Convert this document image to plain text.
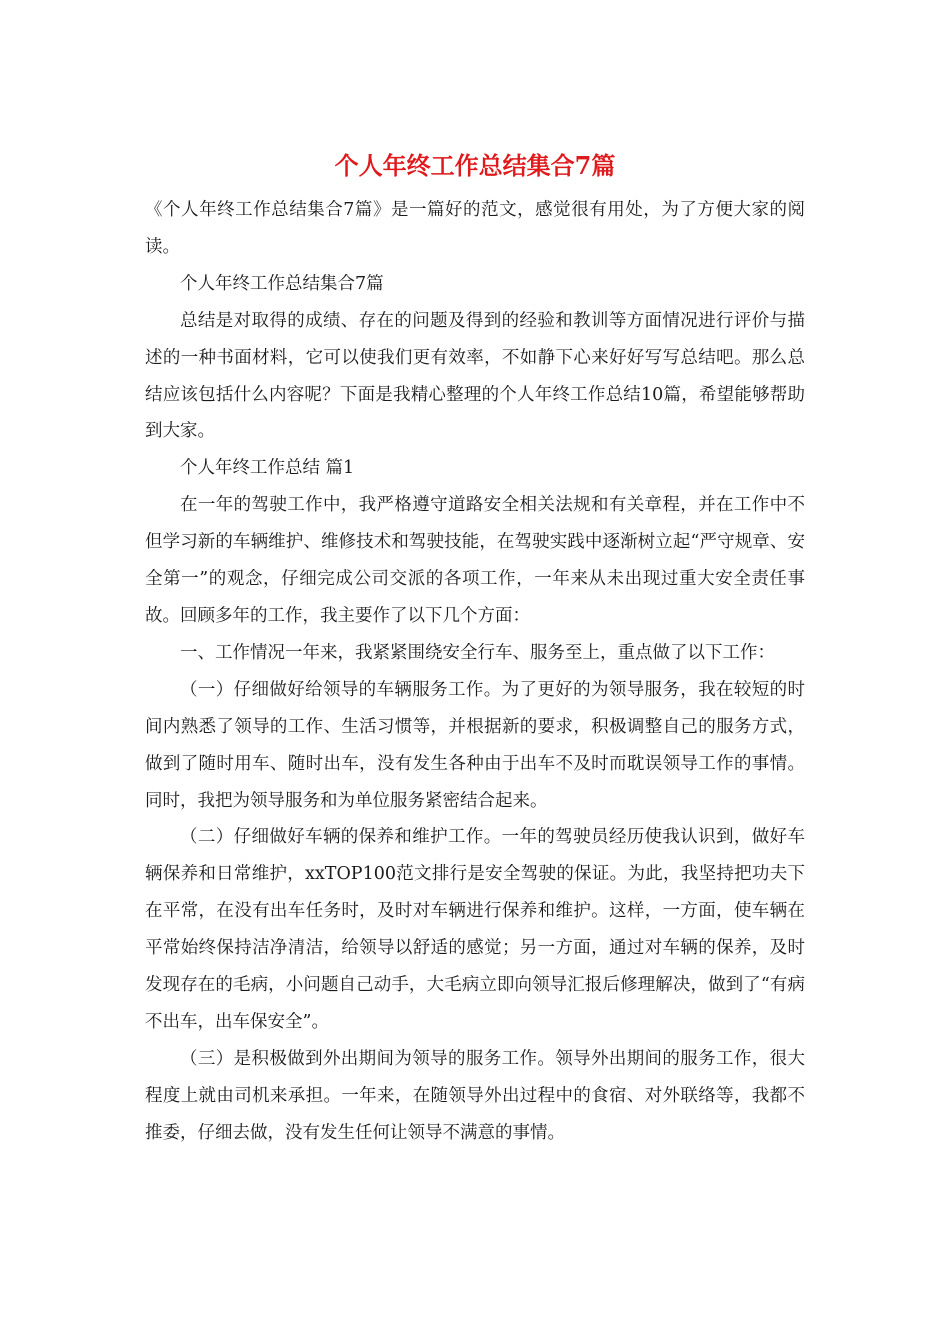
个人年终工作总结集合7篇

《个人年终工作总结集合7篇》是一篇好的范文，感觉很有用处，为了方便大家的阅读。

个人年终工作总结集合7篇

总结是对取得的成绩、存在的问题及得到的经验和教训等方面情况进行评价与描述的一种书面材料，它可以使我们更有效率，不如静下心来好好写写总结吧。那么总结应该包括什么内容呢？下面是我精心整理的个人年终工作总结10篇，希望能够帮助到大家。

个人年终工作总结 篇1

在一年的驾驶工作中，我严格遵守道路安全相关法规和有关章程，并在工作中不但学习新的车辆维护、维修技术和驾驶技能，在驾驶实践中逐渐树立起“严守规章、安全第一”的观念，仔细完成公司交派的各项工作，一年来从未出现过重大安全责任事故。回顾多年的工作，我主要作了以下几个方面：

一、工作情况一年来，我紧紧围绕安全行车、服务至上，重点做了以下工作：

（一）仔细做好给领导的车辆服务工作。为了更好的为领导服务，我在较短的时间内熟悉了领导的工作、生活习惯等，并根据新的要求，积极调整自己的服务方式，做到了随时用车、随时出车，没有发生各种由于出车不及时而耽误领导工作的事情。同时，我把为领导服务和为单位服务紧密结合起来。

（二）仔细做好车辆的保养和维护工作。一年的驾驶员经历使我认识到，做好车辆保养和日常维护，xxTOP100范文排行是安全驾驶的保证。为此，我坚持把功夫下在平常，在没有出车任务时，及时对车辆进行保养和维护。这样，一方面，使车辆在平常始终保持洁净清洁，给领导以舒适的感觉；另一方面，通过对车辆的保养，及时发现存在的毛病，小问题自己动手，大毛病立即向领导汇报后修理解决，做到了“有病不出车，出车保安全”。

（三）是积极做到外出期间为领导的服务工作。领导外出期间的服务工作，很大程度上就由司机来承担。一年来，在随领导外出过程中的食宿、对外联络等，我都不推委，仔细去做，没有发生任何让领导不满意的事情。
